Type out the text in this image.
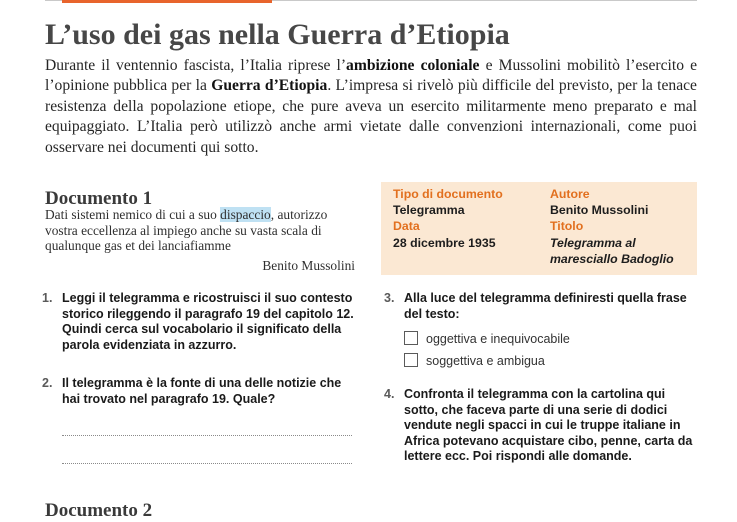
L’uso dei gas nella Guerra d’Etiopia

Durante il ventennio fascista, l’Italia riprese l’ambizione coloniale e Mussolini mobilitò l’esercito e l’opinione pubblica per la Guerra d’Etiopia. L’impresa si rivelò più difficile del previsto, per la tenace resistenza della popolazione etiope, che pure aveva un esercito militarmente meno preparato e mal equipaggiato. L’Italia però utilizzò anche armi vietate dalle convenzioni internazionali, come puoi osservare nei documenti qui sotto.

Documento 1

Dati sistemi nemico di cui a suo dispaccio, autorizzo vostra eccellenza al impiego anche su vasta scala di qualunque gas et dei lanciafiamme

Benito Mussolini

Tipo di documento
Telegramma
Data
28 dicembre 1935
Autore
Benito Mussolini
Titolo
Telegramma al
maresciallo Badoglio
1. Leggi il telegramma e ricostruisci il suo contesto storico rileggendo il paragrafo 19 del capitolo 12. Quindi cerca sul vocabolario il significato della parola evidenziata in azzurro.
2. Il telegramma è la fonte di una delle notizie che hai trovato nel paragrafo 19. Quale?
3. Alla luce del telegramma definiresti quella frase del testo:

oggettiva e inequivocabile

soggettiva e ambigua

4. Confronta il telegramma con la cartolina qui sotto, che faceva parte di una serie di dodici vendute negli spacci in cui le truppe italiane in Africa potevano acquistare cibo, penne, carta da lettere ecc. Poi rispondi alle domande.
Documento 2
